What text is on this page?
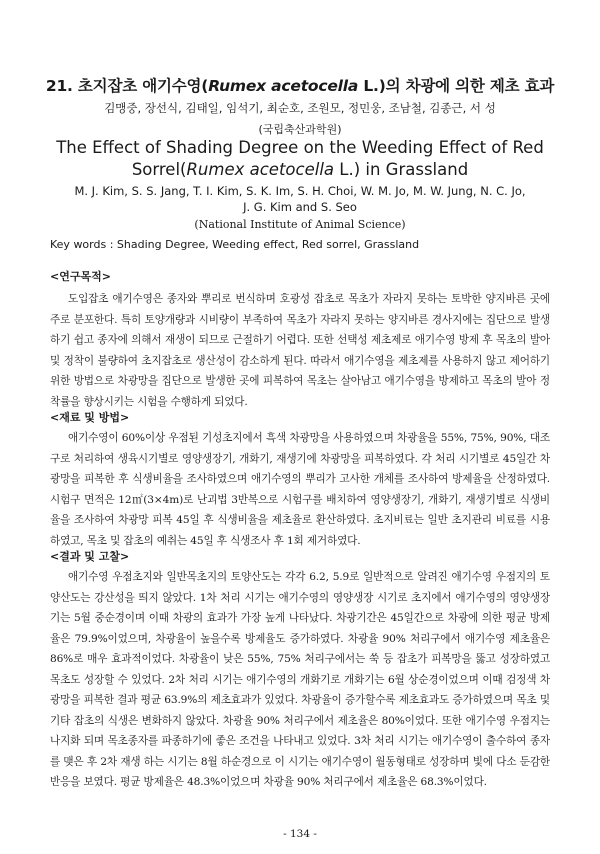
21. 초지잡초 애기수영(Rumex acetocella L.)의 차광에 의한 제초 효과
김맹중, 장선식, 김태일, 임석기, 최순호, 조원모, 정민웅, 조남철, 김종근, 서 성
(국립축산과학원)
The Effect of Shading Degree on the Weeding Effect of Red
Sorrel(Rumex acetocella L.) in Grassland
M. J. Kim, S. S. Jang, T. I. Kim, S. K. Im, S. H. Choi, W. M. Jo, M. W. Jung, N. C. Jo,
J. G. Kim and S. Seo
(National Institute of Animal Science)
Key words : Shading Degree, Weeding effect, Red sorrel, Grassland
<연구목적>

도입잡초 애기수영은 종자와 뿌리로 번식하며 호광성 잡초로 목초가 자라지 못하는 토박한 양지바른 곳에 주로 분포한다. 특히 토양개량과 시비량이 부족하여 목초가 자라지 못하는 양지바른 경사지에는 집단으로 발생하기 쉽고 종자에 의해서 재생이 되므로 근절하기 어렵다. 또한 선택성 제초제로 애기수영 방제 후 목초의 발아 및 정착이 불량하여 초지잡초로 생산성이 감소하게 된다. 따라서 애기수영을 제초제를 사용하지 않고 제어하기 위한 방법으로 차광망을 집단으로 발생한 곳에 피복하여 목초는 살아남고 애기수영을 방제하고 목초의 발아 정착률을 향상시키는 시험을 수행하게 되었다.

<재료 및 방법>

애기수영이 60%이상 우점된 기성초지에서 흑색 차광망을 사용하였으며 차광율을 55%, 75%, 90%, 대조구로 처리하여 생육시기별로 영양생장기, 개화기, 재생기에 차광망을 피복하였다. 각 처리 시기별로 45일간 차광망을 피복한 후 식생비율을 조사하였으며 애기수영의 뿌리가 고사한 개체를 조사하여 방제율을 산정하였다. 시험구 면적은 12㎡(3×4m)로 난괴법 3반복으로 시험구를 배치하여 영양생장기, 개화기, 재생기별로 식생비율을 조사하여 차광망 피복 45일 후 식생비율을 제초율로 환산하였다. 초지비료는 일반 초지관리 비료를 시용하였고, 목초 및 잡초의 예취는 45일 후 식생조사 후 1회 제거하였다.

<결과 및 고찰>

애기수영 우점초지와 일반목초지의 토양산도는 각각 6.2, 5.9로 일반적으로 알려진 애기수영 우점지의 토양산도는 강산성을 띄지 않았다. 1차 처리 시기는 애기수영의 영양생장 시기로 초지에서 애기수영의 영양생장기는 5월 중순경이며 이때 차광의 효과가 가장 높게 나타났다. 차광기간은 45일간으로 차광에 의한 평균 방제율은 79.9%이었으며, 차광율이 높을수록 방제율도 증가하였다. 차광율 90% 처리구에서 애기수영 제초율은 86%로 매우 효과적이었다. 차광율이 낮은 55%, 75% 처리구에서는 쑥 등 잡초가 피복망을 뚫고 성장하였고 목초도 성장할 수 있었다. 2차 처리 시기는 애기수영의 개화기로 개화기는 6월 상순경이었으며 이때 검정색 차광망을 피복한 결과 평균 63.9%의 제초효과가 있었다. 차광율이 증가할수록 제초효과도 증가하였으며 목초 및 기타 잡초의 식생은 변화하지 않았다. 차광율 90% 처리구에서 제초율은 80%이었다. 또한 애기수영 우점지는 나지화 되며 목초종자를 파종하기에 좋은 조건을 나타내고 있었다. 3차 처리 시기는 애기수영이 출수하여 종자를 맺은 후 2차 재생 하는 시기는 8월 하순경으로 이 시기는 애기수영이 월동형태로 성장하며 빛에 다소 둔감한 반응을 보였다. 평균 방제율은 48.3%이었으며 차광율 90% 처리구에서 제초율은 68.3%이었다.

- 134 -
